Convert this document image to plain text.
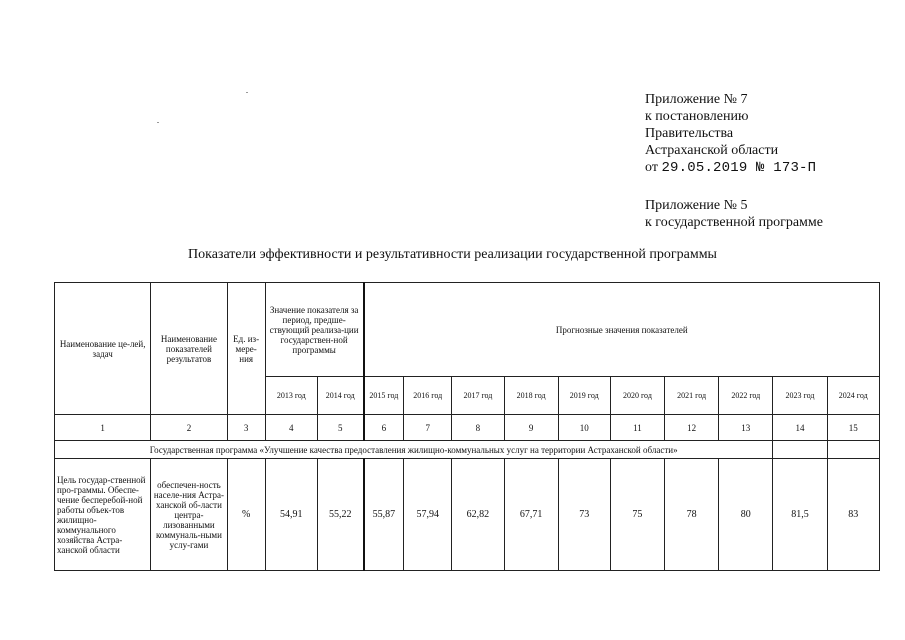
Приложение № 7
к постановлению
Правительства
Астраханской области
от 29.05.2019 № 173-П
Приложение № 5
к государственной программе
Показатели эффективности и результативности реализации государственной программы
Наименование це-лей, задач	Наименование показателей результатов	Ед. из-мере-ния	Значение показателя за период, предше-ствующий реализа-ции государствен-ной программы		Прогнозные значения показателей									
			2013 год	2014 год	2015 год	2016 год	2017 год	2018 год	2019 год	2020 год	2021 год	2022 год	2023 год	2024 год
1	2	3	4	5	6	7	8	9	10	11	12	13	14	15
Государственная программа «Улучшение качества предоставления жилищно-коммунальных услуг на территории Астраханской области»														
Цель государ-ственной про-граммы. Обеспе-чение бесперебой-ной работы объек-тов жилищно-коммунального хозяйства Астра-ханской области	обеспечен-ность населе-ния Астра-ханской об-ласти центра-лизованными коммуналь-ными услу-гами	%	54,91	55,22	55,87	57,94	62,82	67,71	73	75	78	80	81,5	83
